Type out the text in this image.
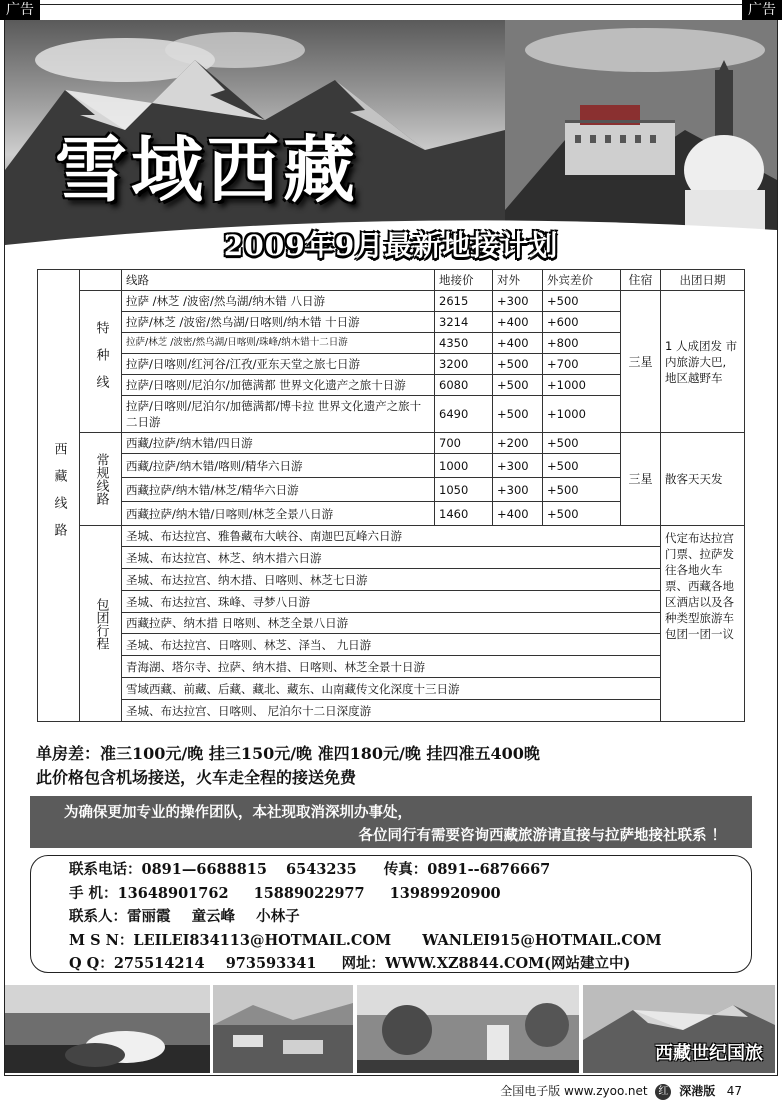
广告	广告
雪域西藏
2009年9月最新地接计划
西藏线路		线路	地接价	对外	外宾差价	住宿	出团日期

	特种线	拉萨 /林芝 /波密/然乌湖/纳木错 八日游	2615	+300	+500	三星	1 人成团发 市内旅游大巴, 地区越野车
		拉萨/林芝 /波密/然乌湖/日喀则/纳木错 十日游	3214	+400	+600		
		拉萨/林芝 /波密/然乌湖/日喀则/珠峰/纳木错十二日游	4350	+400	+800		
		拉萨/日喀则/红河谷/江孜/亚东天堂之旅七日游	3200	+500	+700		
		拉萨/日喀则/尼泊尔/加德满都 世界文化遗产之旅十日游	6080	+500	+1000		
		拉萨/日喀则/尼泊尔/加德满都/博卡拉 世界文化遗产之旅十二日游	6490	+500	+1000		

	常规线路	西藏/拉萨/纳木错/四日游	700	+200	+500	三星	散客天天发
		西藏/拉萨/纳木错/喀则/精华六日游	1000	+300	+500		
		西藏拉萨/纳木错/林芝/精华六日游	1050	+300	+500		
		西藏拉萨/纳木错/日喀则/林芝全景八日游	1460	+400	+500		

	包团行程	圣城、布达拉宫、雅鲁藏布大峡谷、南迦巴瓦峰六日游					代定布达拉宫门票、拉萨发往各地火车票、西藏各地区酒店以及各种类型旅游车包团一团一议
		圣城、布达拉宫、林芝、纳木措六日游					
		圣城、布达拉宫、纳木措、日喀则、林芝七日游					
		圣城、布达拉宫、珠峰、寻梦八日游					
		西藏拉萨、纳木措 日喀则、林芝全景八日游					
		圣城、布达拉宫、日喀则、林芝、泽当、 九日游					
		青海湖、塔尔寺、拉萨、纳木措、日喀则、林芝全景十日游					
		雪域西藏、前藏、后藏、藏北、藏东、山南藏传文化深度十三日游					
		圣城、布达拉宫、日喀则、 尼泊尔十二日深度游					
单房差：准三100元/晚 挂三150元/晚 准四180元/晚 挂四准五400晚
此价格包含机场接送，火车走全程的接送免费
为确保更加专业的操作团队，本社现取消深圳办事处，
各位同行有需要咨询西藏旅游请直接与拉萨地接社联系 ！
联系电话：0891—6688815 6543235 传真：0891--6876667
手 机：13648901762 15889022977 13989920900
联系人：雷丽霞 童云峰 小林子
M S N：LEILEI834113@HOTMAIL.COM WANLEI915@HOTMAIL.COM
Q Q：275514214 973593341 网址：WWW.XZ8844.COM(网站建立中)
西藏世纪国旅
全国电子版 www.zyoo.net 红 深港版 47
